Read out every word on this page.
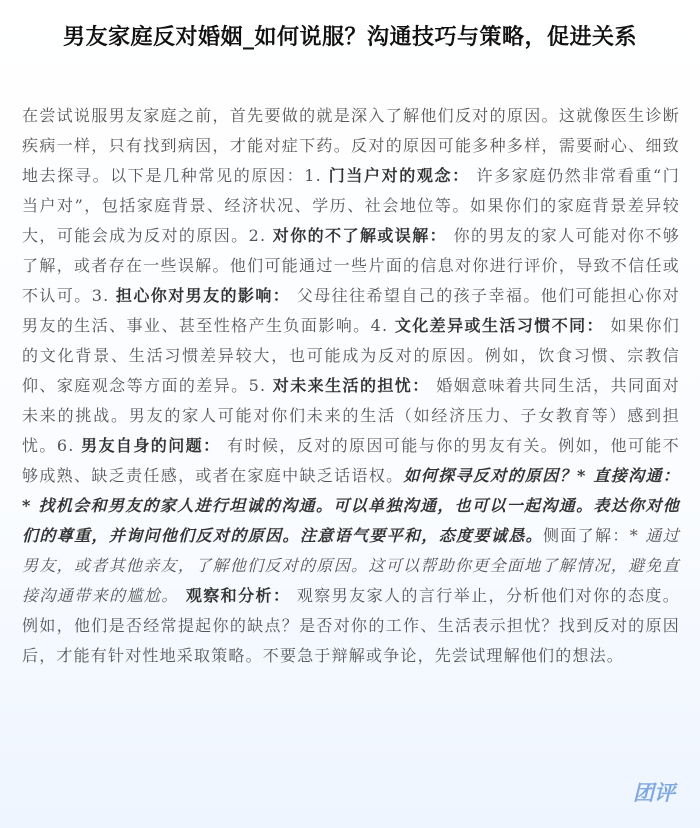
男友家庭反对婚姻_如何说服？沟通技巧与策略，促进关系

在尝试说服男友家庭之前，首先要做的就是深入了解他们反对的原因。这就像医生诊断疾病一样，只有找到病因，才能对症下药。反对的原因可能多种多样，需要耐心、细致地去探寻。以下是几种常见的原因：1. 门当户对的观念： 许多家庭仍然非常看重“门当户对”，包括家庭背景、经济状况、学历、社会地位等。如果你们的家庭背景差异较大，可能会成为反对的原因。2. 对你的不了解或误解： 你的男友的家人可能对你不够了解，或者存在一些误解。他们可能通过一些片面的信息对你进行评价，导致不信任或不认可。3. 担心你对男友的影响： 父母往往希望自己的孩子幸福。他们可能担心你对男友的生活、事业、甚至性格产生负面影响。4. 文化差异或生活习惯不同： 如果你们的文化背景、生活习惯差异较大，也可能成为反对的原因。例如，饮食习惯、宗教信仰、家庭观念等方面的差异。5. 对未来生活的担忧： 婚姻意味着共同生活，共同面对未来的挑战。男友的家人可能对你们未来的生活（如经济压力、子女教育等）感到担忧。6. 男友自身的问题： 有时候，反对的原因可能与你的男友有关。例如，他可能不够成熟、缺乏责任感，或者在家庭中缺乏话语权。如何探寻反对的原因？* 直接沟通：* 找机会和男友的家人进行坦诚的沟通。可以单独沟通，也可以一起沟通。表达你对他们的尊重，并询问他们反对的原因。注意语气要平和，态度要诚恳。侧面了解：* 通过男友，或者其他亲友，了解他们反对的原因。这可以帮助你更全面地了解情况，避免直接沟通带来的尴尬。 观察和分析： 观察男友家人的言行举止，分析他们对你的态度。例如，他们是否经常提起你的缺点？是否对你的工作、生活表示担忧？找到反对的原因后，才能有针对性地采取策略。不要急于辩解或争论，先尝试理解他们的想法。

团评
